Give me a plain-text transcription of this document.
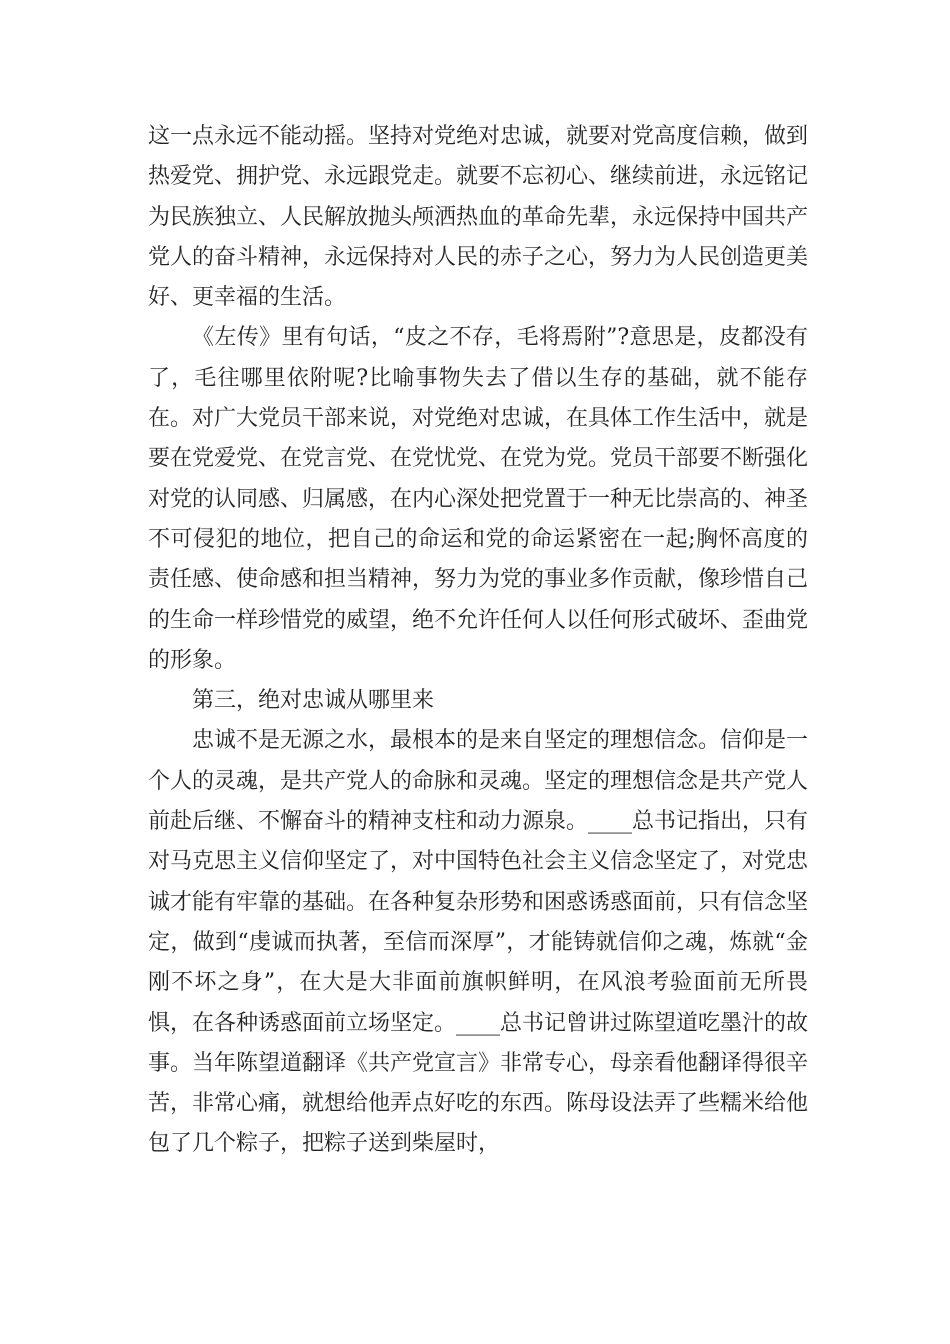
这一点永远不能动摇。坚持对党绝对忠诚，就要对党高度信赖，做到热爱党、拥护党、永远跟党走。就要不忘初心、继续前进，永远铭记为民族独立、人民解放抛头颅洒热血的革命先辈，永远保持中国共产党人的奋斗精神，永远保持对人民的赤子之心，努力为人民创造更美好、更幸福的生活。

《左传》里有句话，“皮之不存，毛将焉附”?意思是，皮都没有了，毛往哪里依附呢?比喻事物失去了借以生存的基础，就不能存在。对广大党员干部来说，对党绝对忠诚，在具体工作生活中，就是要在党爱党、在党言党、在党忧党、在党为党。党员干部要不断强化对党的认同感、归属感，在内心深处把党置于一种无比崇高的、神圣不可侵犯的地位，把自己的命运和党的命运紧密在一起;胸怀高度的责任感、使命感和担当精神，努力为党的事业多作贡献，像珍惜自己的生命一样珍惜党的威望，绝不允许任何人以任何形式破坏、歪曲党的形象。

第三，绝对忠诚从哪里来

忠诚不是无源之水，最根本的是来自坚定的理想信念。信仰是一个人的灵魂，是共产党人的命脉和灵魂。坚定的理想信念是共产党人前赴后继、不懈奋斗的精神支柱和动力源泉。____总书记指出，只有对马克思主义信仰坚定了，对中国特色社会主义信念坚定了，对党忠诚才能有牢靠的基础。在各种复杂形势和困惑诱惑面前，只有信念坚定，做到“虔诚而执著，至信而深厚”，才能铸就信仰之魂，炼就“金刚不坏之身”，在大是大非面前旗帜鲜明，在风浪考验面前无所畏惧，在各种诱惑面前立场坚定。____总书记曾讲过陈望道吃墨汁的故事。当年陈望道翻译《共产党宣言》非常专心，母亲看他翻译得很辛苦，非常心痛，就想给他弄点好吃的东西。陈母设法弄了些糯米给他包了几个粽子，把粽子送到柴屋时，
